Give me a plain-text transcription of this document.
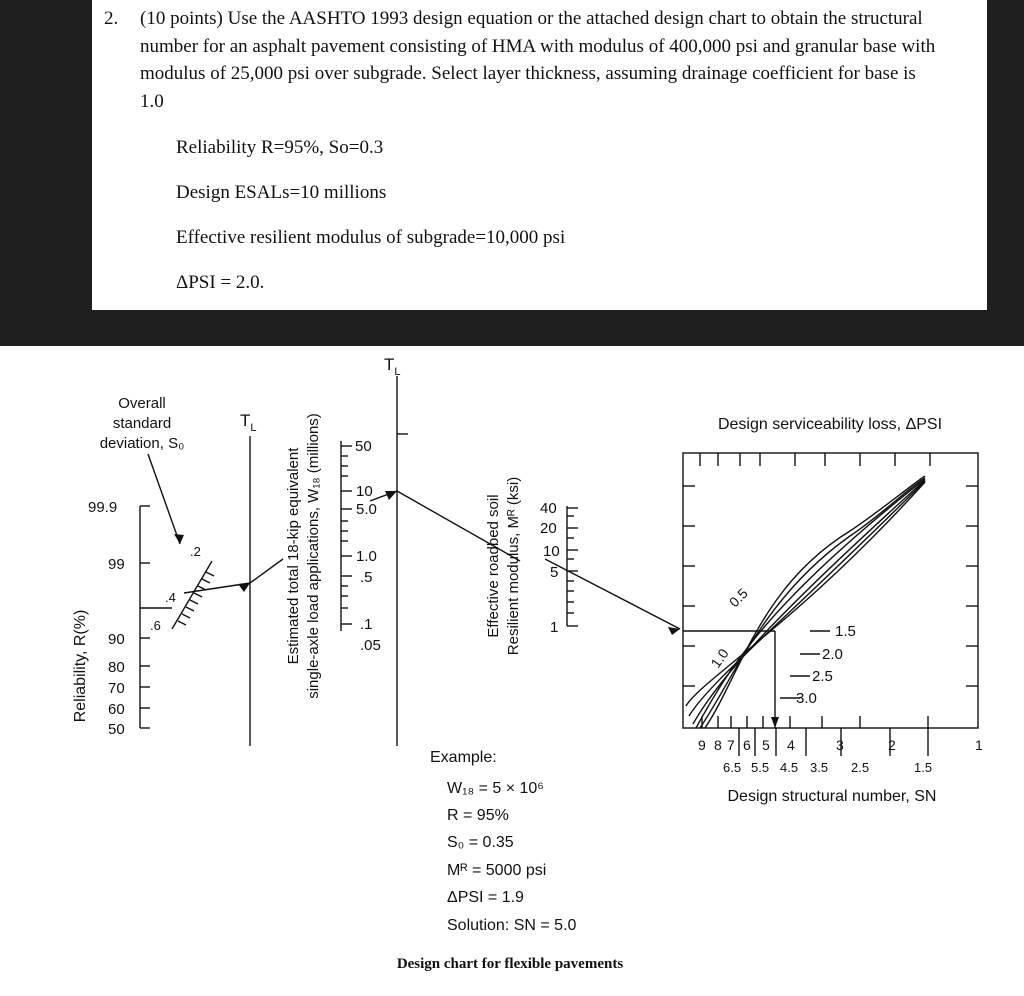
2.	(10 points) Use the AASHTO 1993 design equation or the attached design chart to obtain the structural number for an asphalt pavement consisting of HMA with modulus of 400,000 psi and granular base with modulus of 25,000 psi over subgrade. Select layer thickness, assuming drainage coefficient for base is 1.0
Reliability R=95%, So=0.3
Design ESALs=10 millions
Effective resilient modulus of subgrade=10,000 psi
ΔPSI = 2.0.
Reliability, R(%)
99.9
99
90
80
70
60
50
Overall
standard
deviation, S₀
.2
.4
.6
$T_L$
$T_L$
Estimated total 18-kip equivalent single-axle load applications, W₁₈ (millions) 50
10
5.0
1.0
.5
.1
.05
Effective roadbed soil Resilient modulus, Mᴿ (ksi) 40
20
10
5
1
Design serviceability loss, ΔPSI
0.5
1.0
1.5
2.0
2.5
3.0
9 8 7 6 5 4	3	2	1
6.5 5.5 4.5 3.5 2.5	1.5
Design structural number, SN
Example:
W₁₈ = 5 × 10⁶
R = 95%
S₀ = 0.35
Mᴿ = 5000 psi
ΔPSI = 1.9
Solution: SN = 5.0
Design chart for flexible pavements
